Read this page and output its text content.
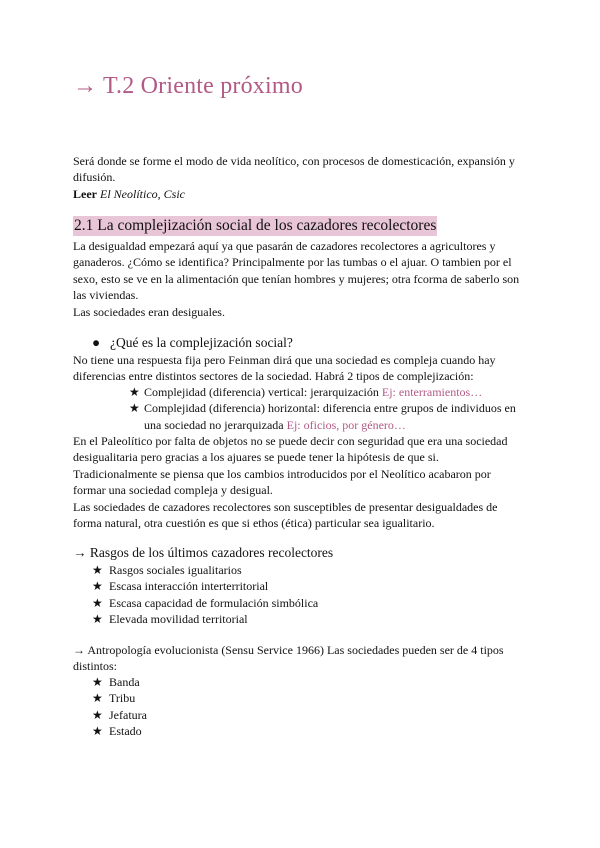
→ T.2 Oriente próximo

Será donde se forme el modo de vida neolítico, con procesos de domesticación, expansión y difusión.
Leer El Neolítico, Csic

2.1 La complejización social de los cazadores recolectores

La desigualdad empezará aquí ya que pasarán de cazadores recolectores a agricultores y ganaderos. ¿Cómo se identifica? Principalmente por las tumbas o el ajuar. O tambien por el sexo, esto se ve en la alimentación que tenían hombres y mujeres; otra fcorma de saberlo son las viviendas.
Las sociedades eran desiguales.

● ¿Qué es la complejización social?

No tiene una respuesta fija pero Feinman dirá que una sociedad es compleja cuando hay diferencias entre distintos sectores de la sociedad. Habrá 2 tipos de complejización:

★ Complejidad (diferencia) vertical: jerarquización Ej: enterramientos…
★ Complejidad (diferencia) horizontal: diferencia entre grupos de individuos en una sociedad no jerarquizada Ej: oficios, por género…

En el Paleolítico por falta de objetos no se puede decir con seguridad que era una sociedad desigualitaria pero gracias a los ajuares se puede tener la hipótesis de que si.
Tradicionalmente se piensa que los cambios introducidos por el Neolítico acabaron por formar una sociedad compleja y desigual.
Las sociedades de cazadores recolectores son susceptibles de presentar desigualdades de forma natural, otra cuestión es que si ethos (ética) particular sea igualitario.

→ Rasgos de los últimos cazadores recolectores
★ Rasgos sociales igualitarios
★ Escasa interacción interterritorial
★ Escasa capacidad de formulación simbólica
★ Elevada movilidad territorial

→ Antropología evolucionista (Sensu Service 1966) Las sociedades pueden ser de 4 tipos distintos:

★ Banda
★ Tribu
★ Jefatura
★ Estado
